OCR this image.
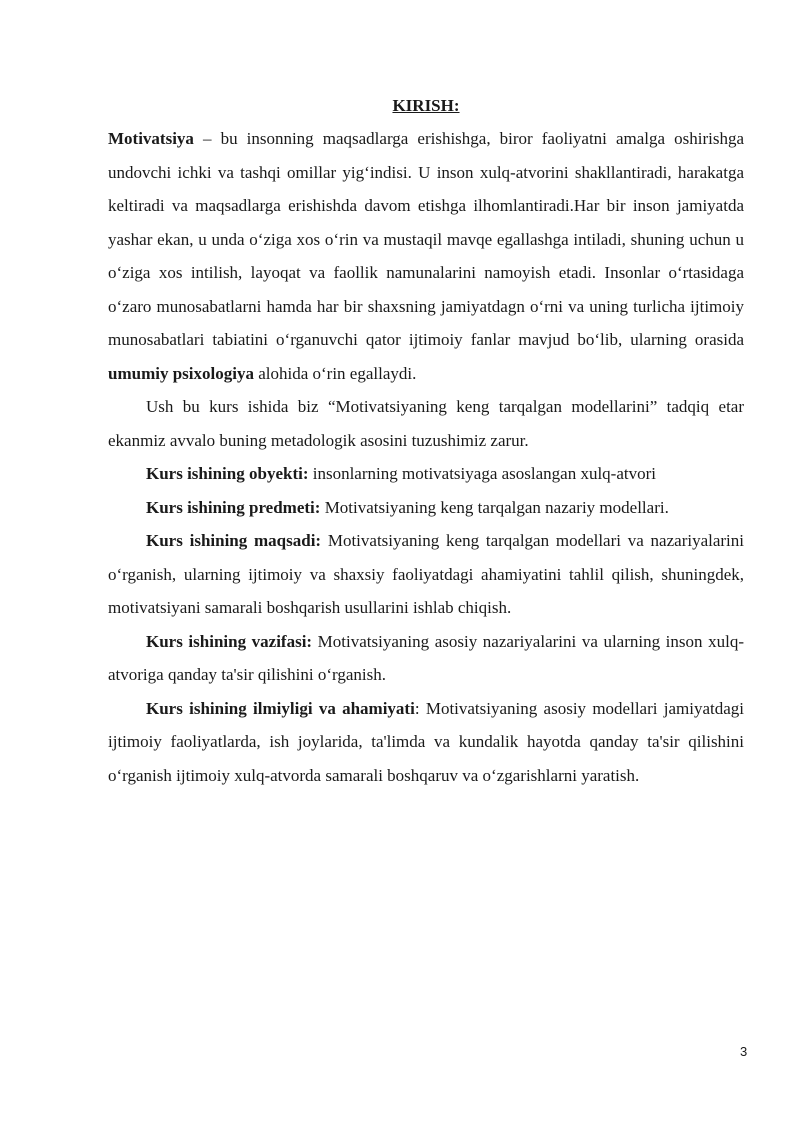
KIRISH:

Motivatsiya – bu insonning maqsadlarga erishishga, biror faoliyatni amalga oshirishga undovchi ichki va tashqi omillar yig‘indisi. U inson xulq-atvorini shakllantiradi, harakatga keltiradi va maqsadlarga erishishda davom etishga ilhomlantiradi.Har bir inson jamiyatda yashar ekan, u unda o‘ziga xos o‘rin va mustaqil mavqe egallashga intiladi, shuning uchun u o‘ziga xos intilish, layoqat va faollik namunalarini namoyish etadi. Insonlar o‘rtasidaga o‘zaro munosabatlarni hamda har bir shaxsning jamiyatdagn o‘rni va uning turlicha ijtimoiy munosabatlari tabiatini o‘rganuvchi qator ijtimoiy fanlar mavjud bo‘lib, ularning orasida umumiy psixologiya alohida o‘rin egallaydi.

Ush bu kurs ishida biz “Motivatsiyaning keng tarqalgan modellarini” tadqiq etar ekanmiz avvalo buning metadologik asosini tuzushimiz zarur.

Kurs ishining obyekti: insonlarning motivatsiyaga asoslangan xulq-atvori

Kurs ishining predmeti: Motivatsiyaning keng tarqalgan nazariy modellari.

Kurs ishining maqsadi: Motivatsiyaning keng tarqalgan modellari va nazariyalarini o‘rganish, ularning ijtimoiy va shaxsiy faoliyatdagi ahamiyatini tahlil qilish, shuningdek, motivatsiyani samarali boshqarish usullarini ishlab chiqish.

Kurs ishining vazifasi: Motivatsiyaning asosiy nazariyalarini va ularning inson xulq-atvoriga qanday ta'sir qilishini o‘rganish.

Kurs ishining ilmiyligi va ahamiyati: Motivatsiyaning asosiy modellari jamiyatdagi ijtimoiy faoliyatlarda, ish joylarida, ta'limda va kundalik hayotda qanday ta'sir qilishini o‘rganish ijtimoiy xulq-atvorda samarali boshqaruv va o‘zgarishlarni yaratish.

3
